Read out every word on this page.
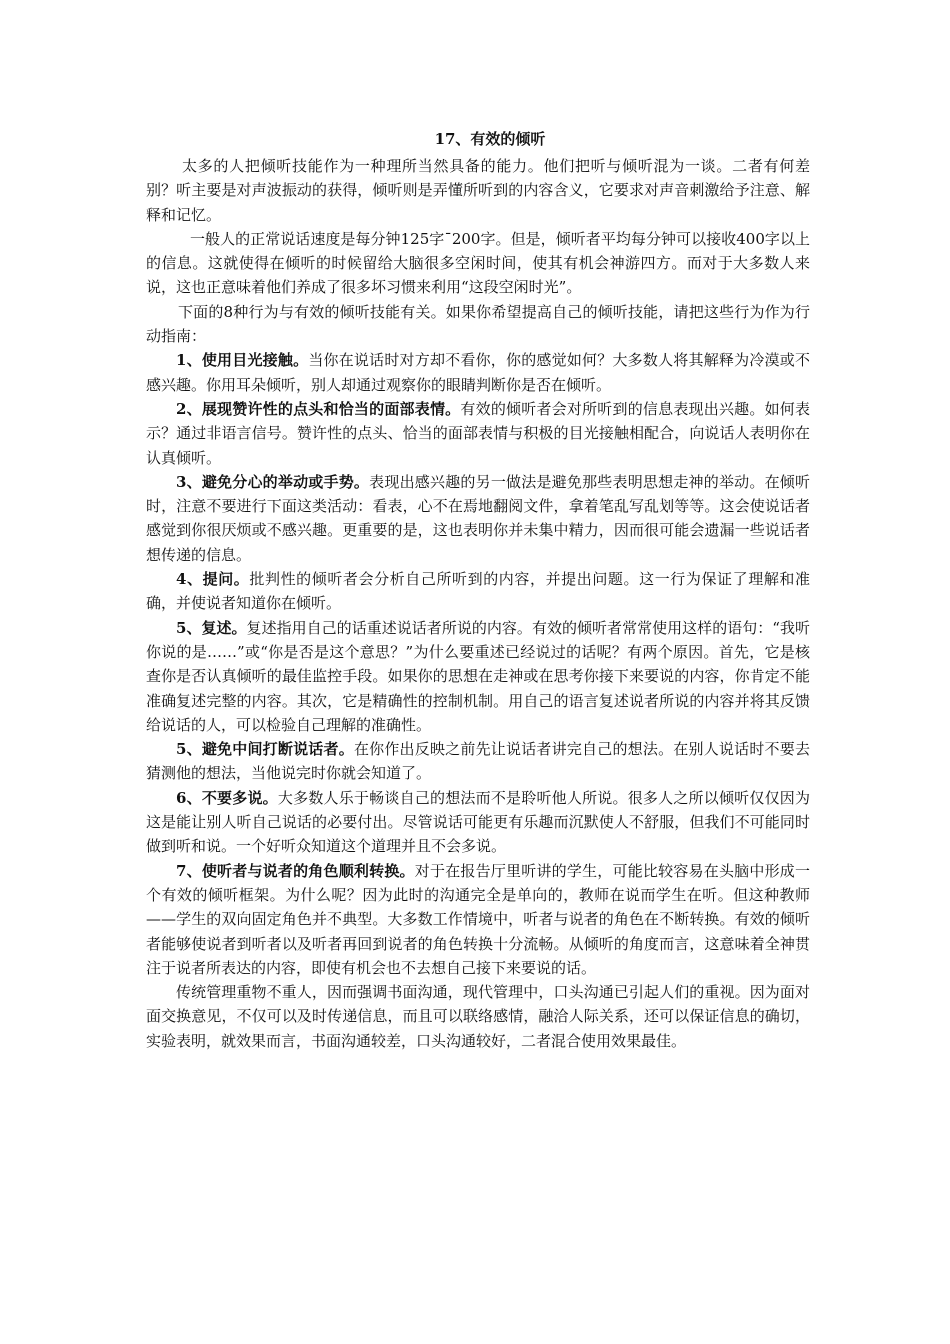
17、有效的倾听

太多的人把倾听技能作为一种理所当然具备的能力。他们把听与倾听混为一谈。二者有何差别？听主要是对声波振动的获得，倾听则是弄懂所听到的内容含义，它要求对声音刺激给予注意、解释和记忆。

一般人的正常说话速度是每分钟125字¯200字。但是，倾听者平均每分钟可以接收400字以上的信息。这就使得在倾听的时候留给大脑很多空闲时间，使其有机会神游四方。而对于大多数人来说，这也正意味着他们养成了很多坏习惯来利用“这段空闲时光”。

下面的8种行为与有效的倾听技能有关。如果你希望提高自己的倾听技能，请把这些行为作为行动指南：

1、使用目光接触。当你在说话时对方却不看你，你的感觉如何？大多数人将其解释为冷漠或不感兴趣。你用耳朵倾听，别人却通过观察你的眼睛判断你是否在倾听。

2、展现赞许性的点头和恰当的面部表情。有效的倾听者会对所听到的信息表现出兴趣。如何表示？通过非语言信号。赞许性的点头、恰当的面部表情与积极的目光接触相配合，向说话人表明你在认真倾听。

3、避免分心的举动或手势。表现出感兴趣的另一做法是避免那些表明思想走神的举动。在倾听时，注意不要进行下面这类活动：看表，心不在焉地翻阅文件，拿着笔乱写乱划等等。这会使说话者感觉到你很厌烦或不感兴趣。更重要的是，这也表明你并未集中精力，因而很可能会遗漏一些说话者想传递的信息。

4、提问。批判性的倾听者会分析自己所听到的内容，并提出问题。这一行为保证了理解和准确，并使说者知道你在倾听。

5、复述。复述指用自己的话重述说话者所说的内容。有效的倾听者常常使用这样的语句：“我听你说的是……”或“你是否是这个意思？”为什么要重述已经说过的话呢？有两个原因。首先，它是核查你是否认真倾听的最佳监控手段。如果你的思想在走神或在思考你接下来要说的内容，你肯定不能准确复述完整的内容。其次，它是精确性的控制机制。用自己的语言复述说者所说的内容并将其反馈给说话的人，可以检验自己理解的准确性。

5、避免中间打断说话者。在你作出反映之前先让说话者讲完自己的想法。在别人说话时不要去猜测他的想法，当他说完时你就会知道了。

6、不要多说。大多数人乐于畅谈自己的想法而不是聆听他人所说。很多人之所以倾听仅仅因为这是能让别人听自己说话的必要付出。尽管说话可能更有乐趣而沉默使人不舒服，但我们不可能同时做到听和说。一个好听众知道这个道理并且不会多说。

7、使听者与说者的角色顺利转换。对于在报告厅里听讲的学生，可能比较容易在头脑中形成一个有效的倾听框架。为什么呢？因为此时的沟通完全是单向的，教师在说而学生在听。但这种教师——学生的双向固定角色并不典型。大多数工作情境中，听者与说者的角色在不断转换。有效的倾听者能够使说者到听者以及听者再回到说者的角色转换十分流畅。从倾听的角度而言，这意味着全神贯注于说者所表达的内容，即使有机会也不去想自己接下来要说的话。

传统管理重物不重人，因而强调书面沟通，现代管理中，口头沟通已引起人们的重视。因为面对面交换意见，不仅可以及时传递信息，而且可以联络感情，融洽人际关系，还可以保证信息的确切，实验表明，就效果而言，书面沟通较差，口头沟通较好，二者混合使用效果最佳。
